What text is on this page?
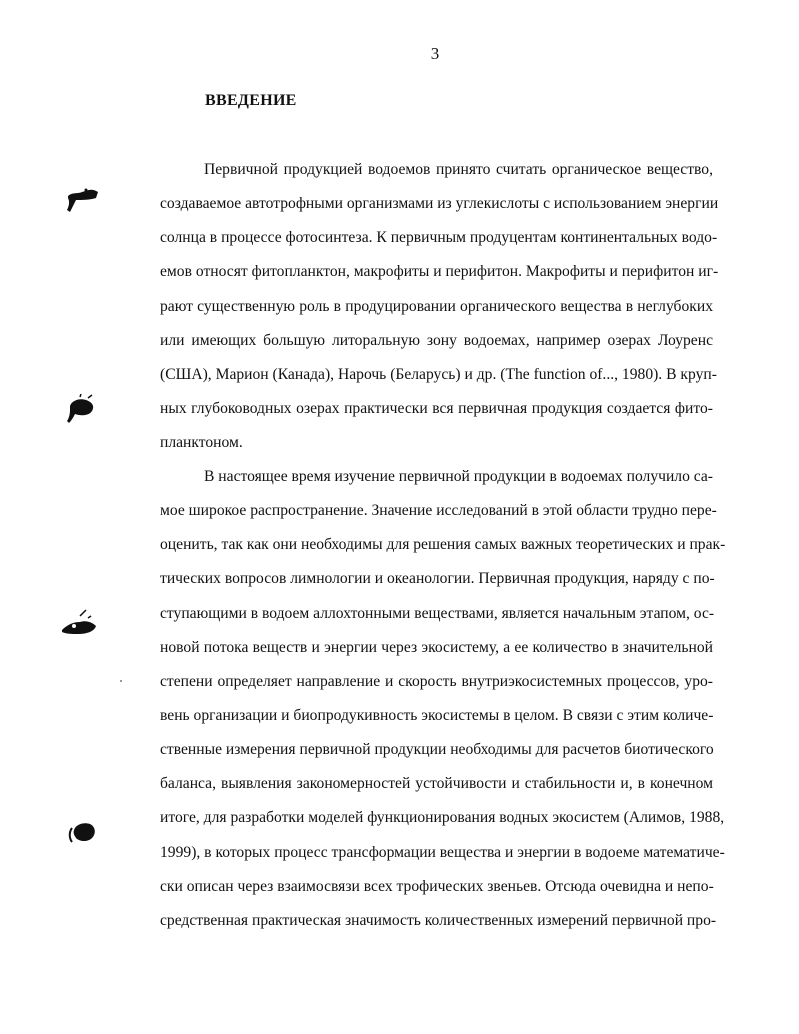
3
ВВЕДЕНИЕ
Первичной продукцией водоемов принято считать органическое вещество,
создаваемое автотрофными организмами из углекислоты с использованием энергии
солнца в процессе фотосинтеза. К первичным продуцентам континентальных водо-
емов относят фитопланктон, макрофиты и перифитон. Макрофиты и перифитон иг-
рают существенную роль в продуцировании органического вещества в неглубоких
или имеющих большую литоральную зону водоемах, например озерах Лоуренс
(США), Марион (Канада), Нарочь (Беларусь) и др. (The function of..., 1980). В круп-
ных глубоководных озерах практически вся первичная продукция создается фито-
планктоном.
В настоящее время изучение первичной продукции в водоемах получило са-
мое широкое распространение. Значение исследований в этой области трудно пере-
оценить, так как они необходимы для решения самых важных теоретических и прак-
тических вопросов лимнологии и океанологии. Первичная продукция, наряду с по-
ступающими в водоем аллохтонными веществами, является начальным этапом, ос-
новой потока веществ и энергии через экосистему, а ее количество в значительной
степени определяет направление и скорость внутриэкосистемных процессов, уро-
вень организации и биопродукивность экосистемы в целом. В связи с этим количе-
ственные измерения первичной продукции необходимы для расчетов биотического
баланса, выявления закономерностей устойчивости и стабильности и, в конечном
итоге, для разработки моделей функционирования водных экосистем (Алимов, 1988,
1999), в которых процесс трансформации вещества и энергии в водоеме математиче-
ски описан через взаимосвязи всех трофических звеньев. Отсюда очевидна и непо-
средственная практическая значимость количественных измерений первичной про-
